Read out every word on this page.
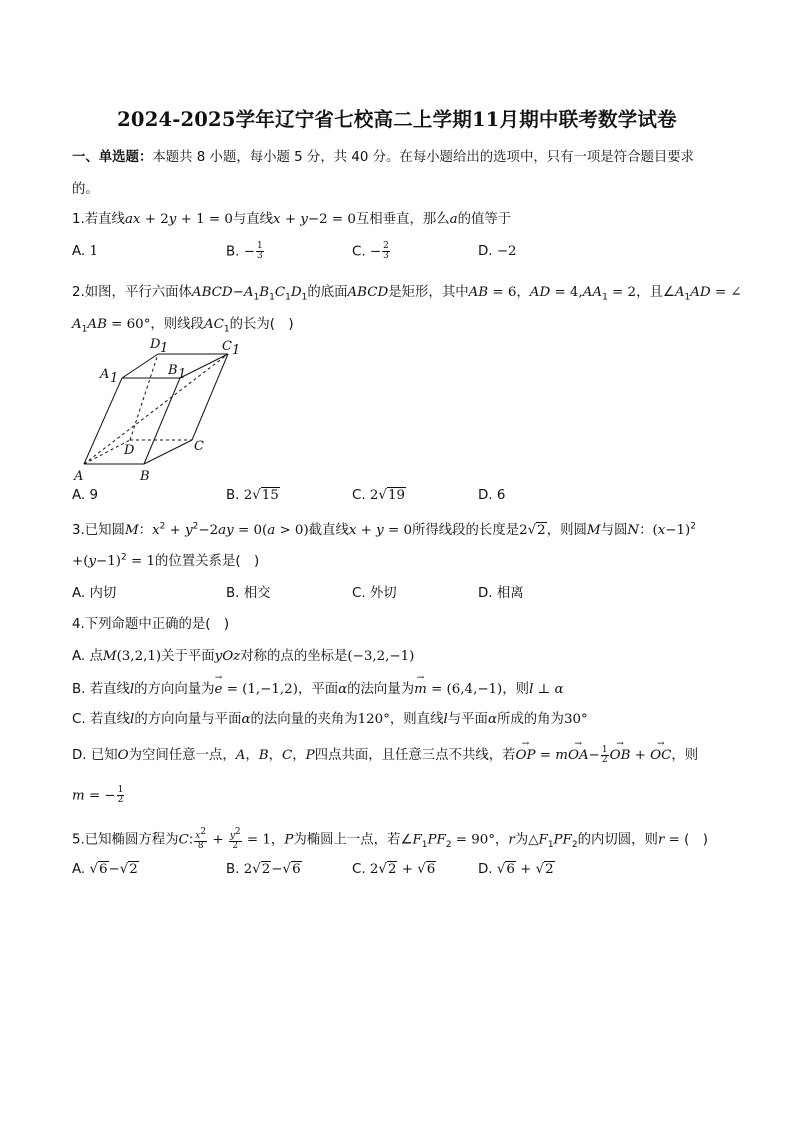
2024-2025学年辽宁省七校高二上学期11月期中联考数学试卷
一、单选题：本题共 8 小题，每小题 5 分，共 40 分。在每小题给出的选项中，只有一项是符合题目要求
的。
1.若直线ax + 2y + 1 = 0与直线x + y−2 = 0互相垂直，那么a的值等于
A. 1	B. − $\frac{1}{3}$	C. − $\frac{2}{3}$	D. −2
2.如图，平行六面体$ABCD-A_1B_1C_1D_1$的底面ABCD是矩形，其中AB = 6，AD = $4,AA_1 = 2$，且$\angle A_1AD$ = ∠
$A_1AB = 60^\circ$，则线段$AC_1$的长为(　)
A	B
C
D
A 1
B 1
C 1
D 1
A. 9	B. 2√15	C. 2√19	D. 6
3.已知圆M：$x^2 + y^2-2ay = 0(a > 0)$截直线x + y = 0所得线段的长度是2√2，则圆M与圆N：$(x-1)^2$
$+(y-1)^2 = 1$的位置关系是(　)
A. 内切	B. 相交	C. 外切	D. 相离
4.下列命题中正确的是(　)
A. 点M(3,2,1)关于平面yOz对称的点的坐标是(−3,2,−1)
B. 若直线l的方向向量为→ e = (1,−1,2)，平面α的法向量为→ m = (6,4,−1)，则l ⊥ α
C. 若直线l的方向向量与平面α的法向量的夹角为120°，则直线l与平面α所成的角为30°
D. 已知O为空间任意一点，A，B，C，P四点共面，且任意三点不共线，若→ OP = $m\to OA- \frac{1}{2}$
→ OB + → OC，则
m = − $\frac{1}{2}$
5.已知椭圆方程为C: $\frac{x^2}{8} + \frac{y^2}{2} = 1$，P为椭圆上一点，若$\angle F_1PF_2 = 90^\circ$，r为$\triangle F_1PF_2$的内切圆，则r = (　)
A. √6−√2	B. 2√2−√6	C. 2√2 + √6	D. √6 + √2
